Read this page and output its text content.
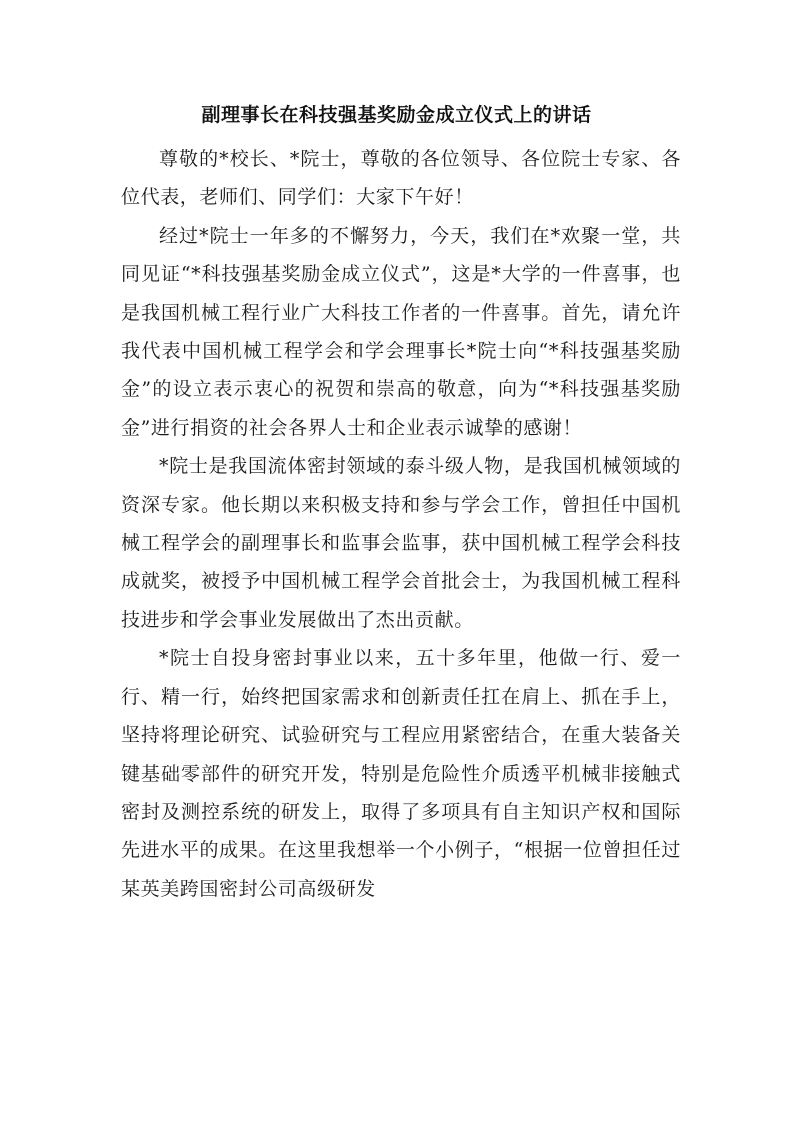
副理事长在科技强基奖励金成立仪式上的讲话

尊敬的*校长、*院士，尊敬的各位领导、各位院士专家、各位代表，老师们、同学们：大家下午好！

经过*院士一年多的不懈努力，今天，我们在*欢聚一堂，共同见证“*科技强基奖励金成立仪式”，这是*大学的一件喜事，也是我国机械工程行业广大科技工作者的一件喜事。首先，请允许我代表中国机械工程学会和学会理事长*院士向“*科技强基奖励金”的设立表示衷心的祝贺和崇高的敬意，向为“*科技强基奖励金”进行捐资的社会各界人士和企业表示诚挚的感谢！

*院士是我国流体密封领域的泰斗级人物，是我国机械领域的资深专家。他长期以来积极支持和参与学会工作，曾担任中国机械工程学会的副理事长和监事会监事，获中国机械工程学会科技成就奖，被授予中国机械工程学会首批会士，为我国机械工程科技进步和学会事业发展做出了杰出贡献。

*院士自投身密封事业以来，五十多年里，他做一行、爱一行、精一行，始终把国家需求和创新责任扛在肩上、抓在手上，坚持将理论研究、试验研究与工程应用紧密结合，在重大装备关键基础零部件的研究开发，特别是危险性介质透平机械非接触式密封及测控系统的研发上，取得了多项具有自主知识产权和国际先进水平的成果。在这里我想举一个小例子，“根据一位曾担任过某英美跨国密封公司高级研发
